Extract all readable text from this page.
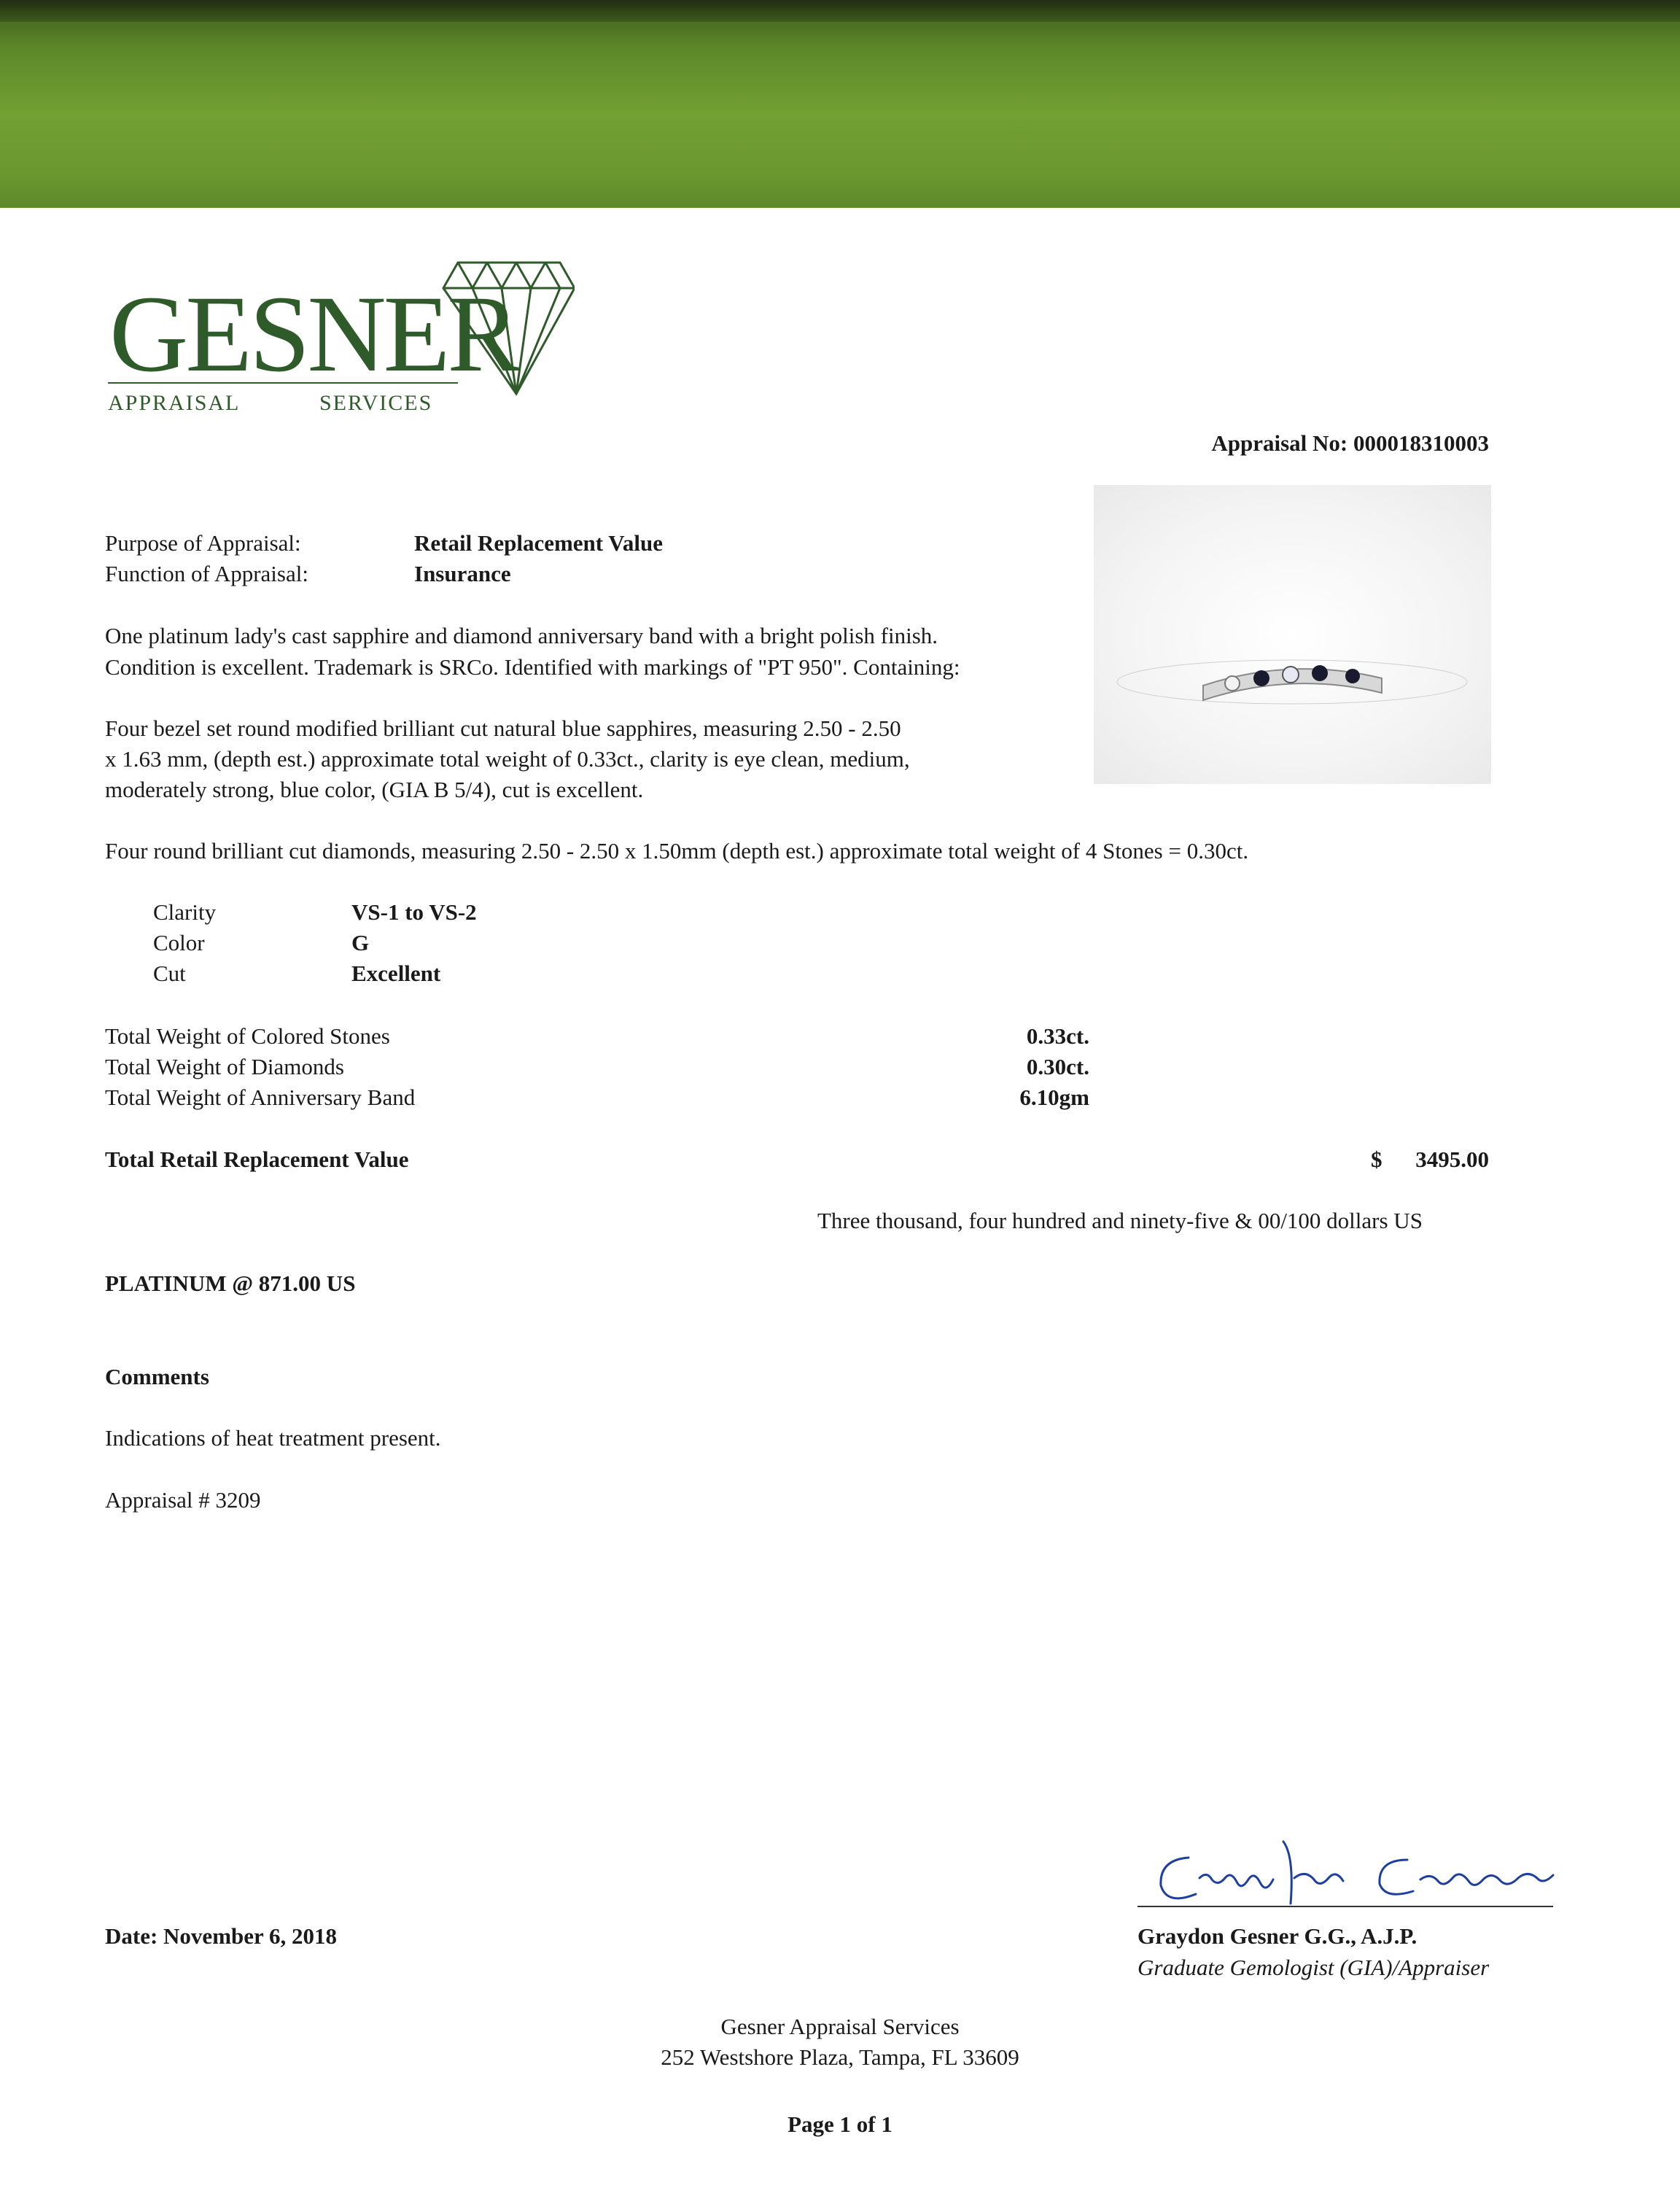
GESNER
APPRAISAL	SERVICES
Appraisal No: 000018310003
Purpose of Appraisal:	Retail Replacement Value
Function of Appraisal:	Insurance
One platinum lady's cast sapphire and diamond anniversary band with a bright polish finish.
Condition is excellent. Trademark is SRCo. Identified with markings of "PT 950". Containing:
Four bezel set round modified brilliant cut natural blue sapphires, measuring 2.50 - 2.50
x 1.63 mm, (depth est.) approximate total weight of 0.33ct., clarity is eye clean, medium,
moderately strong, blue color, (GIA B 5/4), cut is excellent.
Four round brilliant cut diamonds, measuring 2.50 - 2.50 x 1.50mm (depth est.) approximate total weight of 4 Stones = 0.30ct.
Clarity	VS-1 to VS-2
Color	G
Cut	Excellent
Total Weight of Colored Stones	0.33ct.
Total Weight of Diamonds	0.30ct.
Total Weight of Anniversary Band	6.10gm
Total Retail Replacement Value	$	3495.00
Three thousand, four hundred and ninety-five & 00/100 dollars US
PLATINUM @ 871.00 US
Comments
Indications of heat treatment present.
Appraisal # 3209
Date: November 6, 2018	Graydon Gesner G.G., A.J.P.
Graduate Gemologist (GIA)/Appraiser
Gesner Appraisal Services
252 Westshore Plaza, Tampa, FL 33609
Page 1 of 1
